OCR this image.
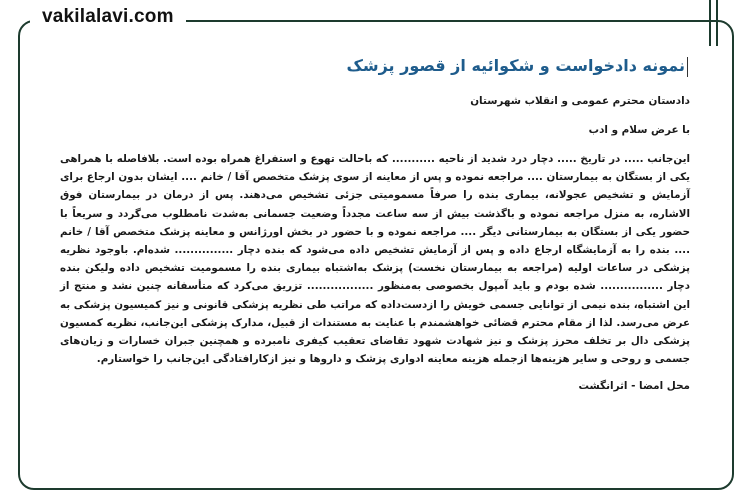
vakilalavi.com
نمونه دادخواست و شکوائیه از قصور پزشک
دادستان محترم عمومی و انقلاب شهرستان
با عرض سلام و ادب
این‌جانب ..... در تاریخ ..... دچار درد شدید از ناحیه ........... که باحالت تهوع و استفراغ همراه بوده است. بلافاصله با همراهی یکی از بستگان به بیمارستان .... مراجعه نموده و پس از معاینه از سوی پزشک متخصص آقا / خانم .... ایشان بدون ارجاع برای آزمایش و تشخیص عجولانه، بیماری بنده را صرفاً مسمومیتی جزئی تشخیص می‌دهند. پس از درمان در بیمارستان فوق الاشاره، به منزل مراجعه نموده و باگذشت بیش از سه ساعت مجدداً وضعیت جسمانی به‌شدت نامطلوب می‌گردد و سریعاً با حضور یکی از بستگان به بیمارستانی دیگر .... مراجعه نموده و با حضور در بخش اورژانس و معاینه پزشک متخصص آقا / خانم .... بنده را به آزمایشگاه ارجاع داده و پس از آزمایش تشخیص داده می‌شود که بنده دچار ............... شده‌ام. باوجود نظریه پزشکی در ساعات اولیه (مراجعه به بیمارستان نخست) پزشک به‌اشتباه بیماری بنده را مسمومیت تشخیص داده ولیکن بنده دچار ................ شده بودم و باید آمپول بخصوصی به‌منظور ................. تزریق می‌کرد که متأسفانه چنین نشد و منتج از این اشتباه، بنده نیمی از توانایی جسمی خویش را ازدست‌داده که مراتب طی نظریه پزشکی قانونی و نیز کمیسیون پزشکی به عرض می‌رسد. لذا از مقام محترم قضائی خواهشمندم با عنایت به مستندات از قبیل، مدارک پزشکی این‌جانب، نظریه کمسیون پزشکی دال بر تخلف محرز پزشک و نیز شهادت شهود تقاضای تعقیب کیفری نامبرده و همچنین جبران خسارات و زیان‌های جسمی و روحی و سایر هزینه‌ها ازجمله هزینه معاینه ادواری پزشک و داروها و نیز ازکارافتادگی این‌جانب را خواستارم.
محل امضا - اثرانگشت
